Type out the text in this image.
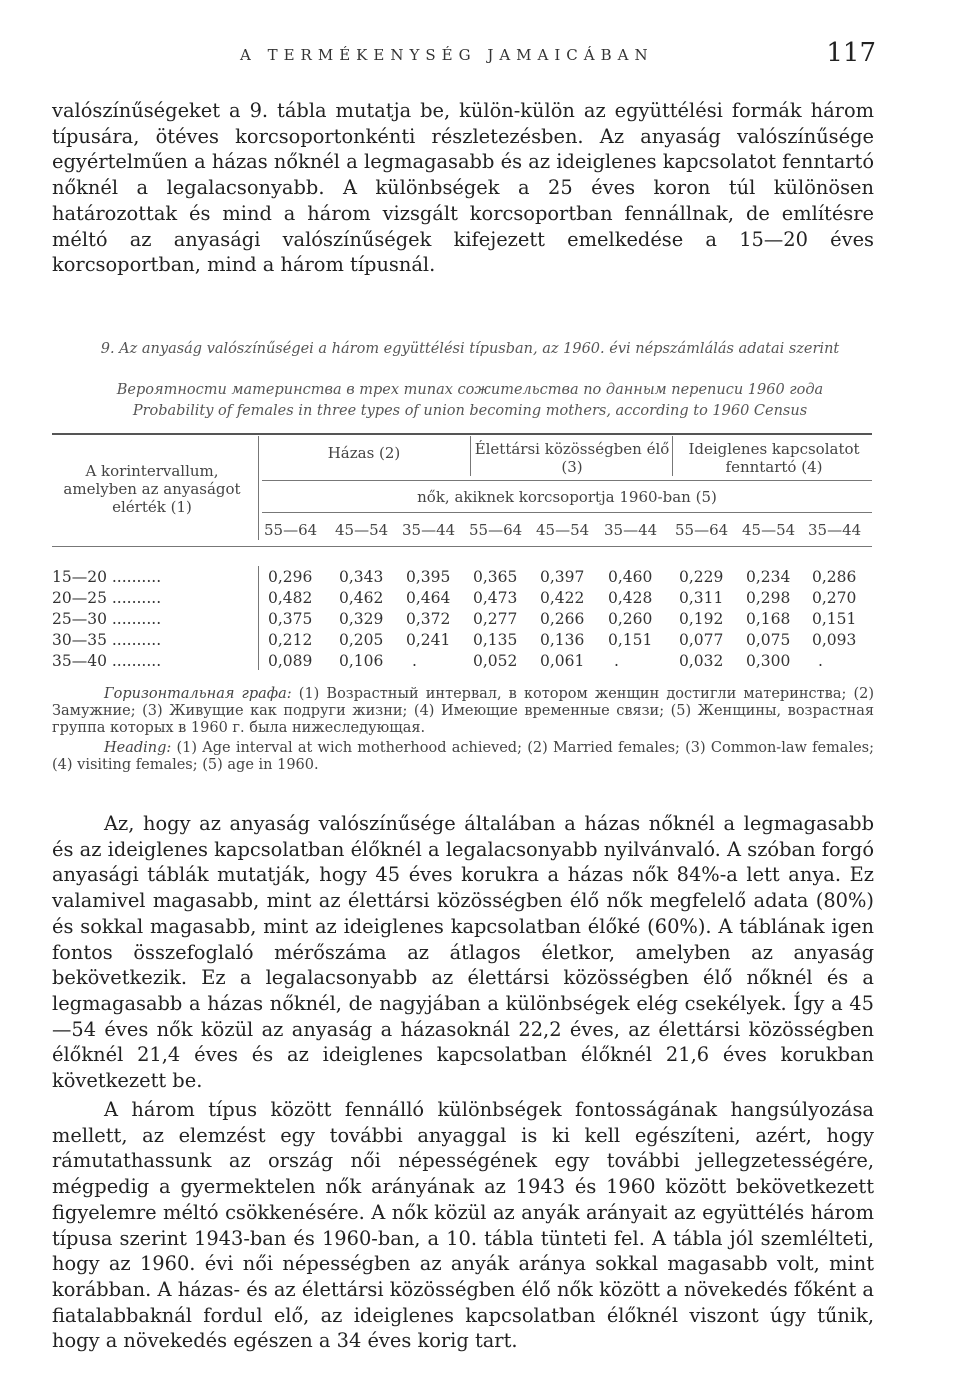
A TERMÉKENYSÉG JAMAICÁBAN	117

valószínűségeket a 9. tábla mutatja be, külön-külön az együttélési formák három típusára, ötéves korcsoportonkénti részletezésben. Az anyaság valószínűsége egyértelműen a házas nőknél a legmagasabb és az ideiglenes kapcsolatot fenntartó nőknél a legalacsonyabb. A különbségek a 25 éves koron túl különösen határozottak és mind a három vizsgált korcsoportban fennállnak, de említésre méltó az anyasági valószínűségek kifejezett emelkedése a 15—20 éves korcsoportban, mind a három típusnál.

9. Az anyaság valószínűségei a három együttélési típusban, az 1960. évi népszámlálás adatai szerint
Вероятности материнства в трех типах сожительства по данным переписи 1960 года
Probability of females in three types of union becoming mothers, according to 1960 Census
A korintervallum, amelyben az anyaságot elérték (1)
Házas (2)	Élettársi közösségben élő (3)
Ideiglenes kapcsolatot fenntartó (4)
nők, akiknek korcsoportja 1960-ban (5)
55—64 45—54 35—44 55—64 45—54 35—44 55—64 45—54 35—44
15—20 ..........	0,296 0,343 0,395 0,365 0,397 0,460 0,229 0,234 0,286
20—25 ..........	0,482 0,462 0,464 0,473 0,422 0,428 0,311 0,298 0,270
25—30 ..........	0,375 0,329 0,372 0,277 0,266 0,260 0,192 0,168 0,151
30—35 ..........	0,212 0,205 0,241 0,135 0,136 0,151 0,077 0,075 0,093
35—40 ..........	0,089 0,106 .	0,052 0,061 .	0,032 0,300 .
Горизонтальная графа: (1) Возрастный интервал, в котором женщин достигли материнства; (2) Замужние; (3) Живущие как подруги жизни; (4) Имеющие временные связи; (5) Женщины, возрастная группа которых в 1960 г. была нижеследующая.
Heading: (1) Age interval at wich motherhood achieved; (2) Married females; (3) Common-law females; (4) visiting females; (5) age in 1960.

Az, hogy az anyaság valószínűsége általában a házas nőknél a legmagasabb és az ideiglenes kapcsolatban élőknél a legalacsonyabb nyilvánvaló. A szóban forgó anyasági táblák mutatják, hogy 45 éves korukra a házas nők 84%-a lett anya. Ez valamivel magasabb, mint az élettársi közösségben élő nők megfelelő adata (80%) és sokkal magasabb, mint az ideiglenes kapcsolatban élőké (60%). A táblának igen fontos összefoglaló mérőszáma az átlagos életkor, amelyben az anyaság bekövetkezik. Ez a legalacsonyabb az élettársi közösségben élő nőknél és a legmagasabb a házas nőknél, de nagyjában a különbségek elég csekélyek. Így a 45—54 éves nők közül az anyaság a házasoknál 22,2 éves, az élettársi közösségben élőknél 21,4 éves és az ideiglenes kapcsolatban élőknél 21,6 éves korukban következett be.

A három típus között fennálló különbségek fontosságának hangsúlyozása mellett, az elemzést egy további anyaggal is ki kell egészíteni, azért, hogy rámutathassunk az ország női népességének egy további jellegzetességére, mégpedig a gyermektelen nők arányának az 1943 és 1960 között bekövetkezett figyelemre méltó csökkenésére. A nők közül az anyák arányait az együttélés három típusa szerint 1943-ban és 1960-ban, a 10. tábla tünteti fel. A tábla jól szemlélteti, hogy az 1960. évi női népességben az anyák aránya sokkal magasabb volt, mint korábban. A házas- és az élettársi közösségben élő nők között a növekedés főként a fiatalabbaknál fordul elő, az ideiglenes kapcsolatban élőknél viszont úgy tűnik, hogy a növekedés egészen a 34 éves korig tart.
